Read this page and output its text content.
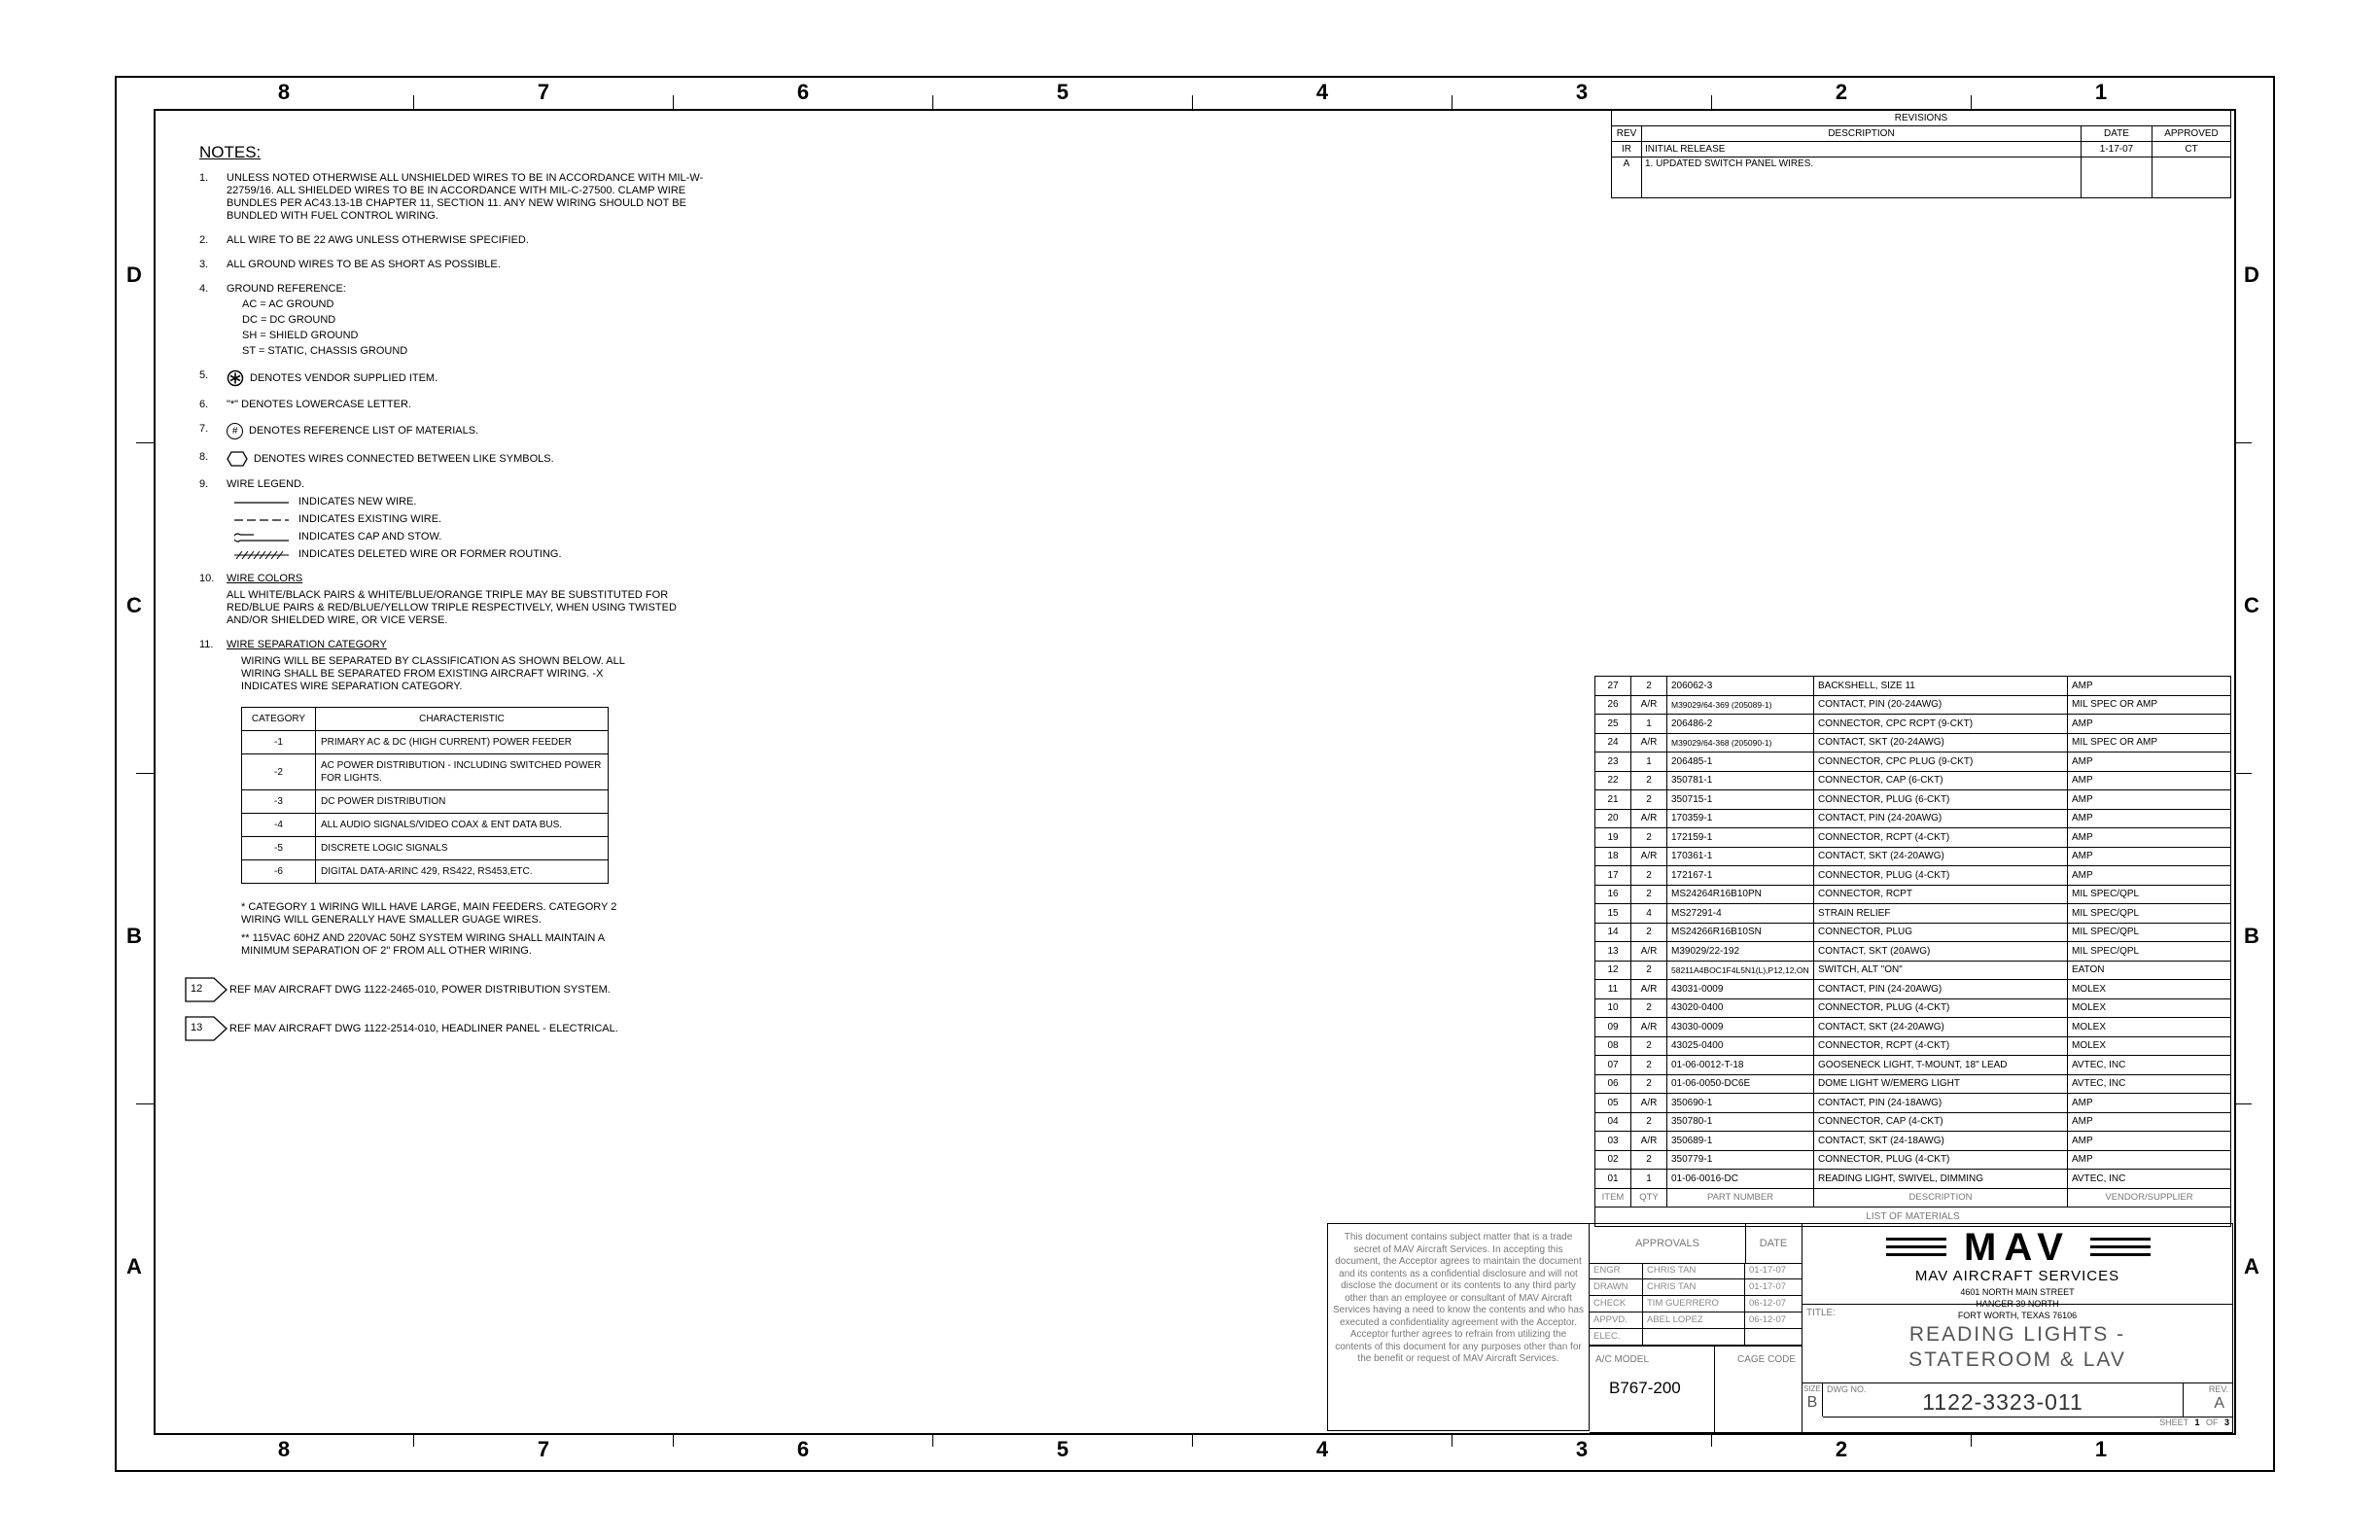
8	7	6	5	4	3	2	1
8	7	6	5	4	3	2	1
D
C
B
A
D
C
B
A
NOTES:
1.	UNLESS NOTED OTHERWISE ALL UNSHIELDED WIRES TO BE IN ACCORDANCE WITH MIL-W-22759/16. ALL SHIELDED WIRES TO BE IN ACCORDANCE WITH MIL-C-27500. CLAMP WIRE BUNDLES PER AC43.13-1B CHAPTER 11, SECTION 11. ANY NEW WIRING SHOULD NOT BE BUNDLED WITH FUEL CONTROL WIRING.
2.	ALL WIRE TO BE 22 AWG UNLESS OTHERWISE SPECIFIED.
3.	ALL GROUND WIRES TO BE AS SHORT AS POSSIBLE.
4.	GROUND REFERENCE:
AC = AC GROUND
DC = DC GROUND
SH = SHIELD GROUND
ST = STATIC, CHASSIS GROUND
5.	DENOTES VENDOR SUPPLIED ITEM.
6.	"*" DENOTES LOWERCASE LETTER.
7.	#	DENOTES REFERENCE LIST OF MATERIALS.
8.	DENOTES WIRES CONNECTED BETWEEN LIKE SYMBOLS.
9.	WIRE LEGEND.
INDICATES NEW WIRE.
INDICATES EXISTING WIRE.
INDICATES CAP AND STOW.
INDICATES DELETED WIRE OR FORMER ROUTING.
10.	WIRE COLORS
ALL WHITE/BLACK PAIRS & WHITE/BLUE/ORANGE TRIPLE MAY BE SUBSTITUTED FOR RED/BLUE PAIRS & RED/BLUE/YELLOW TRIPLE RESPECTIVELY, WHEN USING TWISTED AND/OR SHIELDED WIRE, OR VICE VERSE.
11.	WIRE SEPARATION CATEGORY
WIRING WILL BE SEPARATED BY CLASSIFICATION AS SHOWN BELOW. ALL WIRING SHALL BE SEPARATED FROM EXISTING AIRCRAFT WIRING. -X INDICATES WIRE SEPARATION CATEGORY.
CATEGORY	CHARACTERISTIC
-1	PRIMARY AC & DC (HIGH CURRENT) POWER FEEDER
-2	AC POWER DISTRIBUTION - INCLUDING SWITCHED POWER FOR LIGHTS.
-3	DC POWER DISTRIBUTION
-4	ALL AUDIO SIGNALS/VIDEO COAX & ENT DATA BUS.
-5	DISCRETE LOGIC SIGNALS
-6	DIGITAL DATA-ARINC 429, RS422, RS453,ETC.
* CATEGORY 1 WIRING WILL HAVE LARGE, MAIN FEEDERS. CATEGORY 2 WIRING WILL GENERALLY HAVE SMALLER GUAGE WIRES.
** 115VAC 60HZ AND 220VAC 50HZ SYSTEM WIRING SHALL MAINTAIN A MINIMUM SEPARATION OF 2" FROM ALL OTHER WIRING.
12	REF MAV AIRCRAFT DWG 1122-2465-010, POWER DISTRIBUTION SYSTEM.
13	REF MAV AIRCRAFT DWG 1122-2514-010, HEADLINER PANEL - ELECTRICAL.
REVISIONS			
REV	DESCRIPTION	DATE	APPROVED
IR	INITIAL RELEASE	1-17-07	CT
A	1. UPDATED SWITCH PANEL WIRES.		
27	2	206062-3	BACKSHELL, SIZE 11	AMP
26	A/R	M39029/64-369 (205089-1)	CONTACT, PIN (20-24AWG)	MIL SPEC OR AMP
25	1	206486-2	CONNECTOR, CPC RCPT (9-CKT)	AMP
24	A/R	M39029/64-368 (205090-1)	CONTACT, SKT (20-24AWG)	MIL SPEC OR AMP
23	1	206485-1	CONNECTOR, CPC PLUG (9-CKT)	AMP
22	2	350781-1	CONNECTOR, CAP (6-CKT)	AMP
21	2	350715-1	CONNECTOR, PLUG (6-CKT)	AMP
20	A/R	170359-1	CONTACT, PIN (24-20AWG)	AMP
19	2	172159-1	CONNECTOR, RCPT (4-CKT)	AMP
18	A/R	170361-1	CONTACT, SKT (24-20AWG)	AMP
17	2	172167-1	CONNECTOR, PLUG (4-CKT)	AMP
16	2	MS24264R16B10PN	CONNECTOR, RCPT	MIL SPEC/QPL
15	4	MS27291-4	STRAIN RELIEF	MIL SPEC/QPL
14	2	MS24266R16B10SN	CONNECTOR, PLUG	MIL SPEC/QPL
13	A/R	M39029/22-192	CONTACT, SKT (20AWG)	MIL SPEC/QPL
12	2	58211A4BOC1F4L5N1(L),P12,12,ON	SWITCH, ALT "ON"	EATON
11	A/R	43031-0009	CONTACT, PIN (24-20AWG)	MOLEX
10	2	43020-0400	CONNECTOR, PLUG (4-CKT)	MOLEX
09	A/R	43030-0009	CONTACT, SKT (24-20AWG)	MOLEX
08	2	43025-0400	CONNECTOR, RCPT (4-CKT)	MOLEX
07	2	01-06-0012-T-18	GOOSENECK LIGHT, T-MOUNT, 18" LEAD	AVTEC, INC
06	2	01-06-0050-DC6E	DOME LIGHT W/EMERG LIGHT	AVTEC, INC
05	A/R	350690-1	CONTACT, PIN (24-18AWG)	AMP
04	2	350780-1	CONNECTOR, CAP (4-CKT)	AMP
03	A/R	350689-1	CONTACT, SKT (24-18AWG)	AMP
02	2	350779-1	CONNECTOR, PLUG (4-CKT)	AMP
01	1	01-06-0016-DC	READING LIGHT, SWIVEL, DIMMING	AVTEC, INC
ITEM	QTY	PART NUMBER	DESCRIPTION	VENDOR/SUPPLIER
LIST OF MATERIALS				
This document contains subject matter that is a trade secret of MAV Aircraft Services. In accepting this document, the Acceptor agrees to maintain the document and its contents as a confidential disclosure and will not disclose the document or its contents to any third party other than an employee or consultant of MAV Aircraft Services having a need to know the contents and who has executed a confidentiality agreement with the Acceptor. Acceptor further agrees to refrain from utilizing the contents of this document for any purposes other than for the benefit or request of MAV Aircraft Services.
APPROVALS	DATE
ENGR	CHRIS TAN	01-17-07
DRAWN	CHRIS TAN	01-17-07
CHECK	TIM GUERRERO	06-12-07
APPVD.	ABEL LOPEZ	06-12-07
ELEC.
A/C MODEL
B767-200
CAGE CODE
MAV
MAV AIRCRAFT SERVICES
4601 NORTH MAIN STREET
HANGER 39 NORTH
FORT WORTH, TEXAS 76106
TITLE:
READING LIGHTS -
STATEROOM & LAV
SIZE
B
DWG NO.	1122-3323-011	REV.
A
SHEET 1 OF 3
